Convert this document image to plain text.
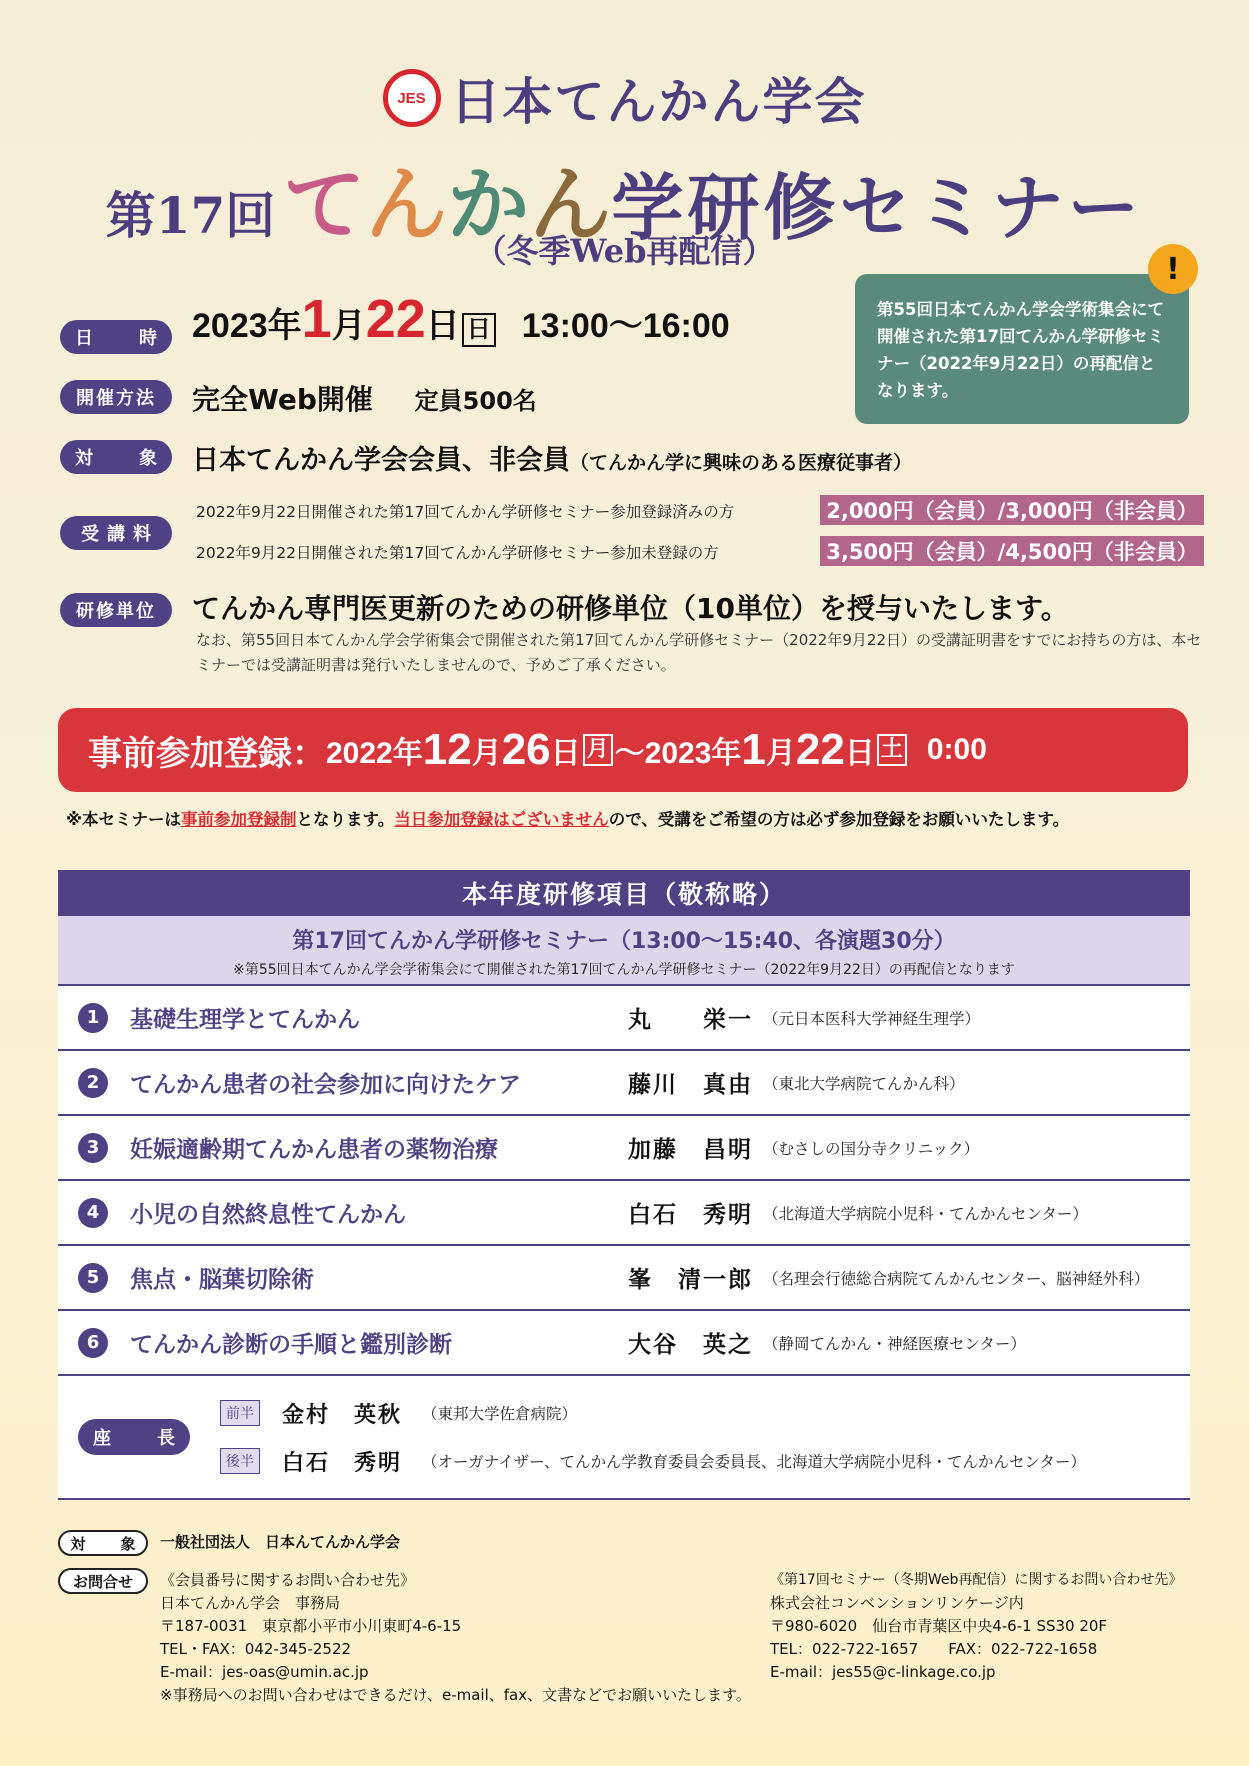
JES 日本てんかん学会
第17回 て ん か ん 学研修セミナー
（冬季Web再配信）
第55回日本てんかん学会学術集会にて開催された第17回てんかん学研修セミナー（2022年9月22日）の再配信となります。
!
日　時 2023年 1 月 22 日 日 13:00〜16:00
開催方法	完全Web開催 定員500名
対　象 日本てんかん学会会員、非会員（てんかん学に興味のある医療従事者）
受講料
2022年9月22日開催された第17回てんかん学研修セミナー参加登録済みの方	2,000円（会員）/3,000円（非会員）
2022年9月22日開催された第17回てんかん学研修セミナー参加未登録の方	3,500円（会員）/4,500円（非会員）
研修単位	てんかん専門医更新のための研修単位（10単位）を授与いたします。
なお、第55回日本てんかん学会学術集会で開催された第17回てんかん学研修セミナー（2022年9月22日）の受講証明書をすでにお持ちの方は、本セミナーでは受講証明書は発行いたしませんので、予めご了承ください。
事前参加登録： 2022年 12 月 26 日 月 〜 2023年 1 月 22 日 土 0:00
※本セミナーは事前参加登録制となります。当日参加登録はございませんので、受講をご希望の方は必ず参加登録をお願いいたします。
本年度研修項目（敬称略）
第17回てんかん学研修セミナー（13:00〜15:40、各演題30分）
※第55回日本てんかん学会学術集会にて開催された第17回てんかん学研修セミナー（2022年9月22日）の再配信となります
1	基礎生理学とてんかん	丸　　栄一 （元日本医科大学神経生理学）
2	てんかん患者の社会参加に向けたケア	藤川　真由 （東北大学病院てんかん科）
3	妊娠適齢期てんかん患者の薬物治療	加藤　昌明 （むさしの国分寺クリニック）
4	小児の自然終息性てんかん	白石　秀明 （北海道大学病院小児科・てんかんセンター）
5	焦点・脳葉切除術	峯　清一郎 （名理会行徳総合病院てんかんセンター、脳神経外科）
6	てんかん診断の手順と鑑別診断	大谷　英之 （静岡てんかん・神経医療センター）
座　長
前半 金村　英秋	（東邦大学佐倉病院）
後半 白石　秀明	（オーガナイザー、てんかん学教育委員会委員長、北海道大学病院小児科・てんかんセンター）
対　象 一般社団法人　日本んてんかん学会
お問合せ	《会員番号に関するお問い合わせ先》
日本てんかん学会　事務局
〒187-0031　東京都小平市小川東町4-6-15
TEL・FAX：042-345-2522
E-mail：jes-oas@umin.ac.jp
※事務局へのお問い合わせはできるだけ、e-mail、fax、文書などでお願いいたします。
《第17回セミナー（冬期Web再配信）に関するお問い合わせ先》
株式会社コンベンションリンケージ内
〒980-6020　仙台市青葉区中央4-6-1 SS30 20F
TEL：022-722-1657　　FAX：022-722-1658
E-mail：jes55@c-linkage.co.jp
